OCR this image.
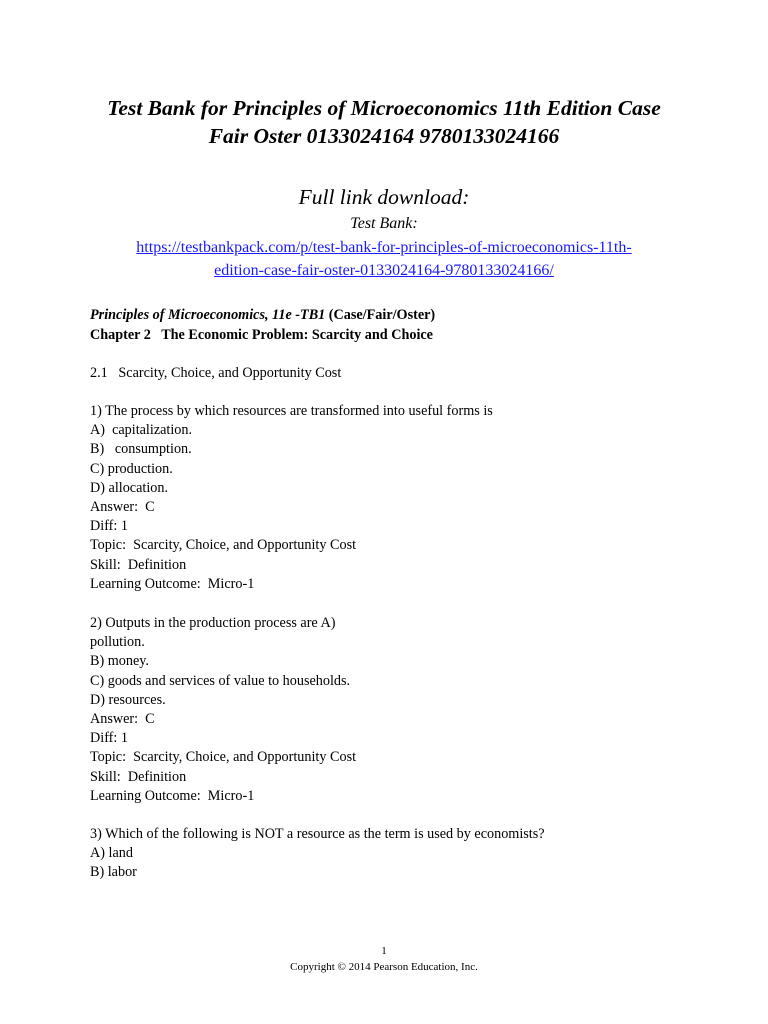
Test Bank for Principles of Microeconomics 11th Edition Case
Fair Oster 0133024164 9780133024166
Full link download:
Test Bank:
https://testbankpack.com/p/test-bank-for-principles-of-microeconomics-11th-
edition-case-fair-oster-0133024164-9780133024166/
Principles of Microeconomics, 11e -TB1 (Case/Fair/Oster)
Chapter 2   The Economic Problem: Scarcity and Choice
2.1   Scarcity, Choice, and Opportunity Cost
1) The process by which resources are transformed into useful forms is
A)  capitalization.
B)   consumption.
C) production.
D) allocation.
Answer:  C
Diff: 1
Topic:  Scarcity, Choice, and Opportunity Cost
Skill:  Definition
Learning Outcome:  Micro-1
2) Outputs in the production process are A)
pollution.
B) money.
C) goods and services of value to households.
D) resources.
Answer:  C
Diff: 1
Topic:  Scarcity, Choice, and Opportunity Cost
Skill:  Definition
Learning Outcome:  Micro-1
3) Which of the following is NOT a resource as the term is used by economists?
A) land
B) labor
1
Copyright © 2014 Pearson Education, Inc.
